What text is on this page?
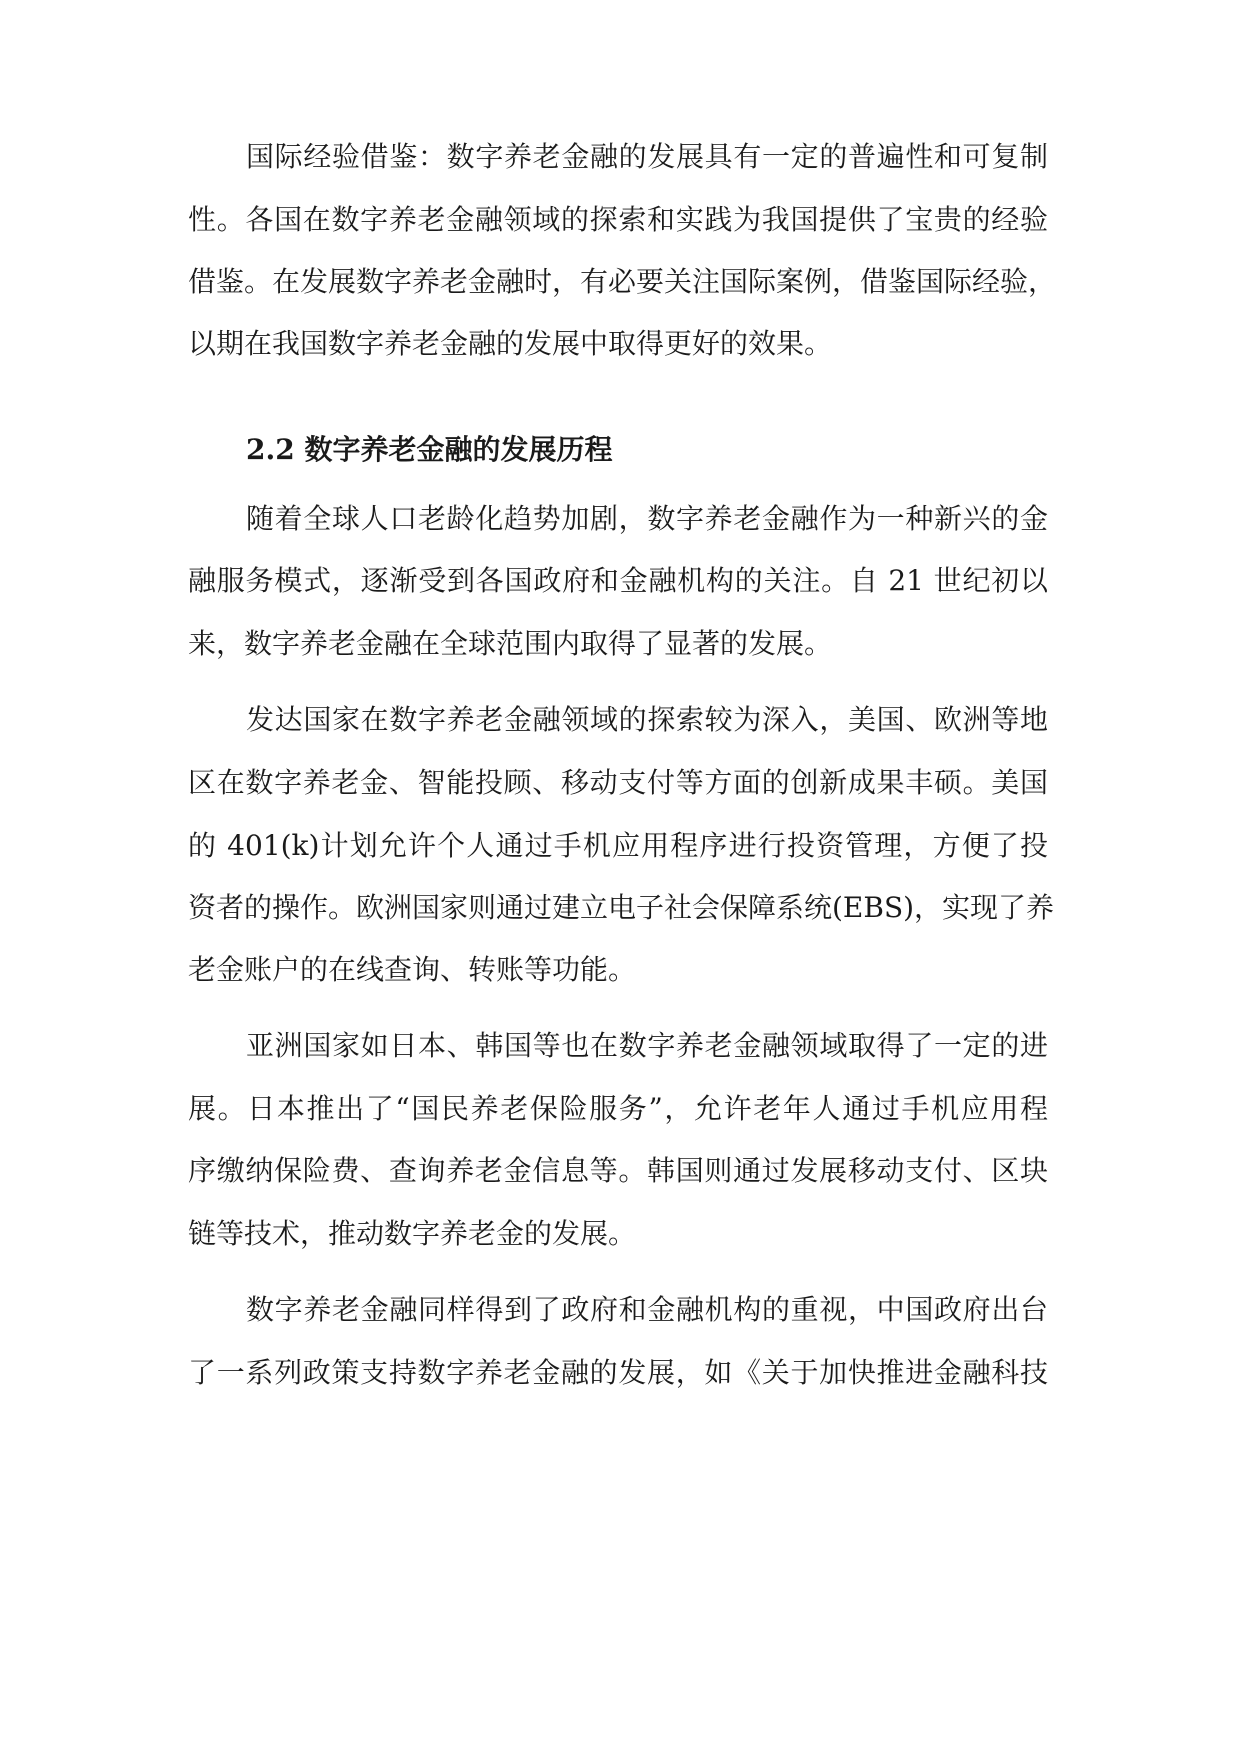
国际经验借鉴：数字养老金融的发展具有一定的普遍性和可复制
性。各国在数字养老金融领域的探索和实践为我国提供了宝贵的经验
借鉴。在发展数字养老金融时，有必要关注国际案例，借鉴国际经验，
以期在我国数字养老金融的发展中取得更好的效果。
2.2 数字养老金融的发展历程
随着全球人口老龄化趋势加剧，数字养老金融作为一种新兴的金
融服务模式，逐渐受到各国政府和金融机构的关注。自 21 世纪初以
来，数字养老金融在全球范围内取得了显著的发展。
发达国家在数字养老金融领域的探索较为深入，美国、欧洲等地
区在数字养老金、智能投顾、移动支付等方面的创新成果丰硕。美国
的 401(k)计划允许个人通过手机应用程序进行投资管理，方便了投
资者的操作。欧洲国家则通过建立电子社会保障系统(EBS)，实现了养
老金账户的在线查询、转账等功能。
亚洲国家如日本、韩国等也在数字养老金融领域取得了一定的进
展。日本推出了“国民养老保险服务”，允许老年人通过手机应用程
序缴纳保险费、查询养老金信息等。韩国则通过发展移动支付、区块
链等技术，推动数字养老金的发展。
数字养老金融同样得到了政府和金融机构的重视，中国政府出台
了一系列政策支持数字养老金融的发展，如《关于加快推进金融科技
